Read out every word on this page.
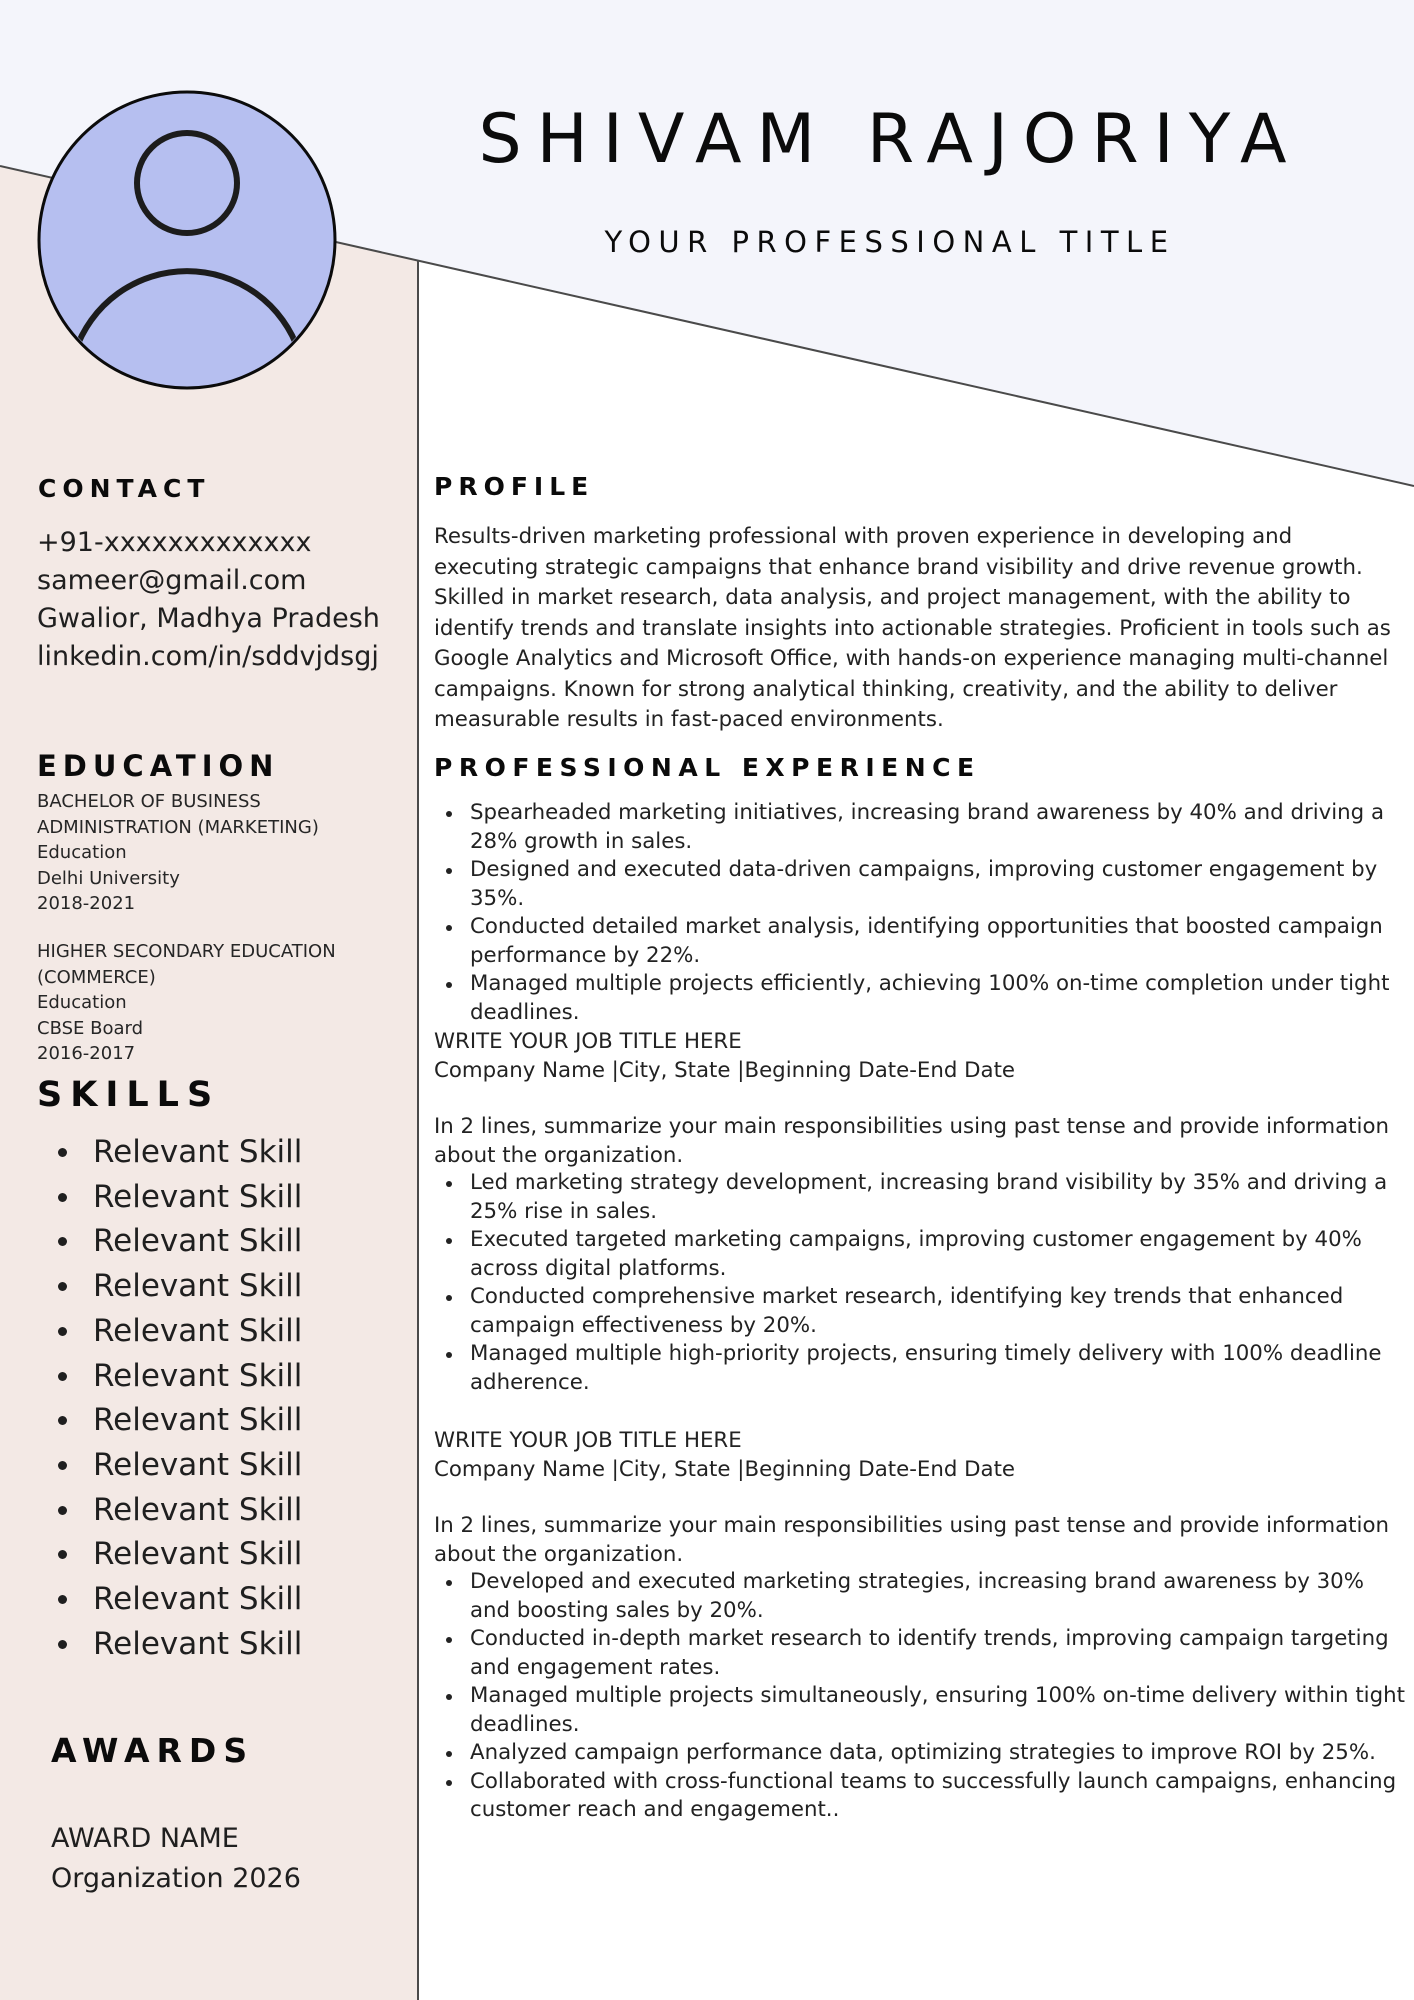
SHIVAM RAJORIYA
YOUR PROFESSIONAL TITLE
CONTACT
+91-xxxxxxxxxxxxx
sameer@gmail.com
Gwalior, Madhya Pradesh
linkedin.com/in/sddvjdsgj
EDUCATION
BACHELOR OF BUSINESS ADMINISTRATION (MARKETING)
Education
Delhi University
2018-2021
HIGHER SECONDARY EDUCATION (COMMERCE)
Education
CBSE Board
2016-2017
SKILLS
Relevant Skill
Relevant Skill
Relevant Skill
Relevant Skill
Relevant Skill
Relevant Skill
Relevant Skill
Relevant Skill
Relevant Skill
Relevant Skill
Relevant Skill
Relevant Skill
AWARDS
AWARD NAME
Organization 2026
PROFILE
Results-driven marketing professional with proven experience in developing and executing strategic campaigns that enhance brand visibility and drive revenue growth. Skilled in market research, data analysis, and project management, with the ability to identify trends and translate insights into actionable strategies. Proficient in tools such as Google Analytics and Microsoft Office, with hands-on experience managing multi-channel campaigns. Known for strong analytical thinking, creativity, and the ability to deliver measurable results in fast-paced environments.
PROFESSIONAL EXPERIENCE
Spearheaded marketing initiatives, increasing brand awareness by 40% and driving a 28% growth in sales.
Designed and executed data-driven campaigns, improving customer engagement by 35%.
Conducted detailed market analysis, identifying opportunities that boosted campaign performance by 22%.
Managed multiple projects efficiently, achieving 100% on-time completion under tight deadlines.
WRITE YOUR JOB TITLE HERE
Company Name |City, State |Beginning Date-End Date
In 2 lines, summarize your main responsibilities using past tense and provide information about the organization.
Led marketing strategy development, increasing brand visibility by 35% and driving a 25% rise in sales.
Executed targeted marketing campaigns, improving customer engagement by 40% across digital platforms.
Conducted comprehensive market research, identifying key trends that enhanced campaign effectiveness by 20%.
Managed multiple high-priority projects, ensuring timely delivery with 100% deadline adherence.
WRITE YOUR JOB TITLE HERE
Company Name |City, State |Beginning Date-End Date
In 2 lines, summarize your main responsibilities using past tense and provide information about the organization.
Developed and executed marketing strategies, increasing brand awareness by 30% and boosting sales by 20%.
Conducted in-depth market research to identify trends, improving campaign targeting and engagement rates.
Managed multiple projects simultaneously, ensuring 100% on-time delivery within tight deadlines.
Analyzed campaign performance data, optimizing strategies to improve ROI by 25%.
Collaborated with cross-functional teams to successfully launch campaigns, enhancing customer reach and engagement..
